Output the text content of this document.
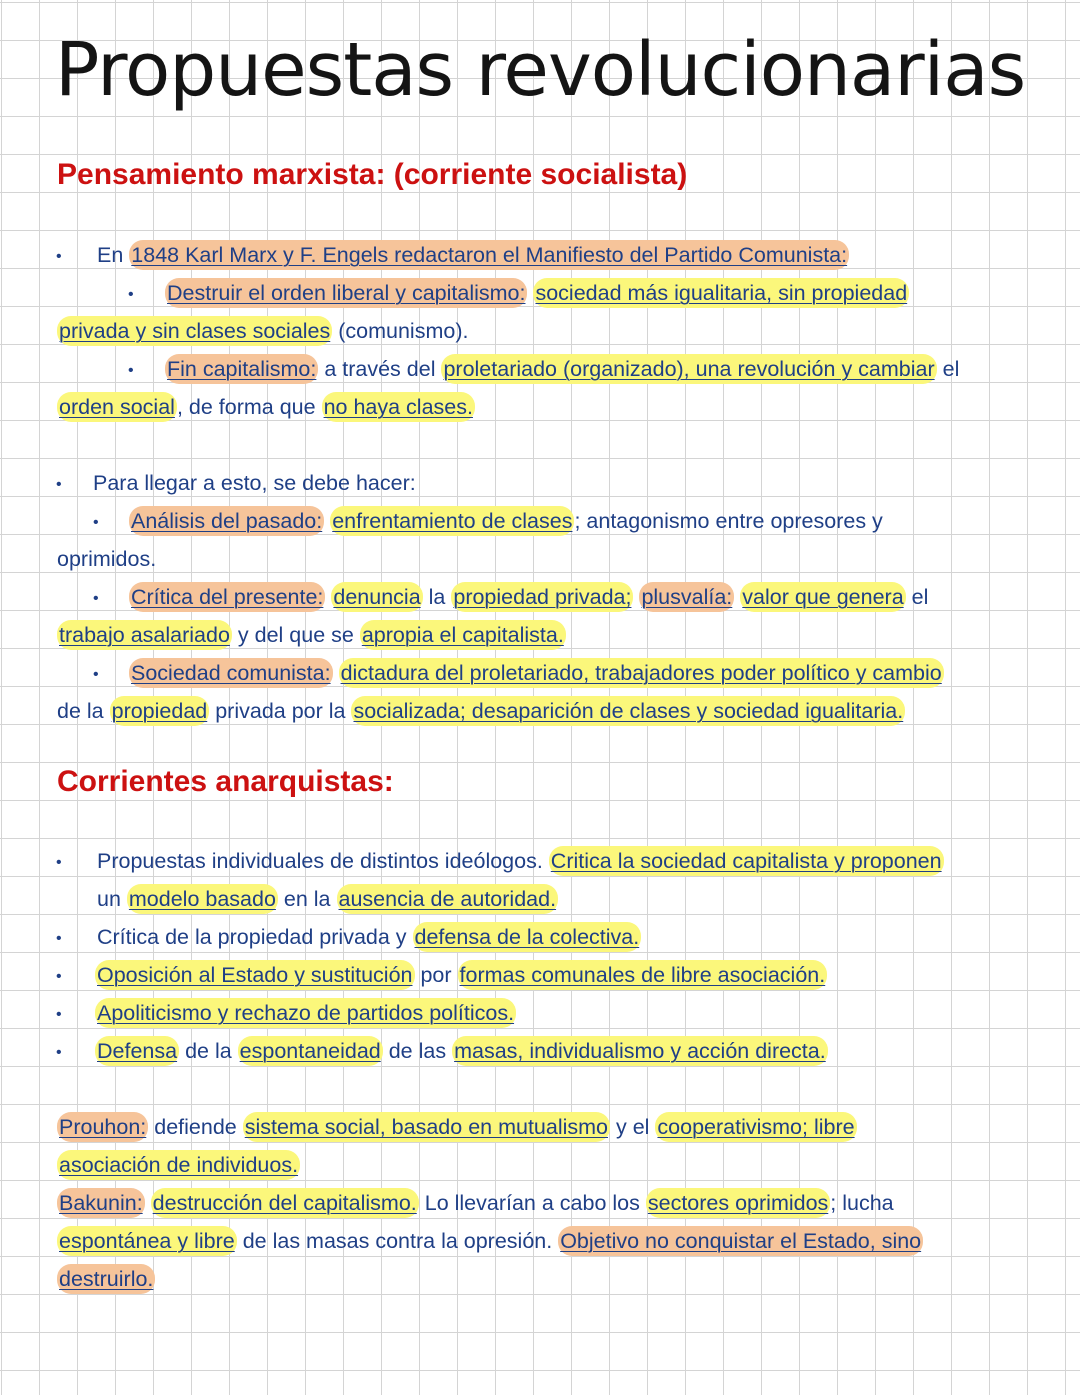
Propuestas revolucionarias
Pensamiento marxista: (corriente socialista)
• En 1848 Karl Marx y F. Engels redactaron el Manifiesto del Partido Comunista:
• Destruir el orden liberal y capitalismo: sociedad más igualitaria, sin propiedad
privada y sin clases sociales (comunismo).
• Fin capitalismo: a través del proletariado (organizado), una revolución y cambiar el
orden social, de forma que no haya clases.
• Para llegar a esto, se debe hacer:
• Análisis del pasado: enfrentamiento de clases; antagonismo entre opresores y
oprimidos.
• Crítica del presente: denuncia la propiedad privada; plusvalía: valor que genera el
trabajo asalariado y del que se apropia el capitalista.
• Sociedad comunista: dictadura del proletariado, trabajadores poder político y cambio
de la propiedad privada por la socializada; desaparición de clases y sociedad igualitaria.
Corrientes anarquistas:
• Propuestas individuales de distintos ideólogos. Critica la sociedad capitalista y proponen
un modelo basado en la ausencia de autoridad.
• Crítica de la propiedad privada y defensa de la colectiva.
• Oposición al Estado y sustitución por formas comunales de libre asociación.
• Apoliticismo y rechazo de partidos políticos.
• Defensa de la espontaneidad de las masas, individualismo y acción directa.
Prouhon: defiende sistema social, basado en mutualismo y el cooperativismo; libre
asociación de individuos.
Bakunin: destrucción del capitalismo. Lo llevarían a cabo los sectores oprimidos; lucha
espontánea y libre de las masas contra la opresión. Objetivo no conquistar el Estado, sino
destruirlo.
